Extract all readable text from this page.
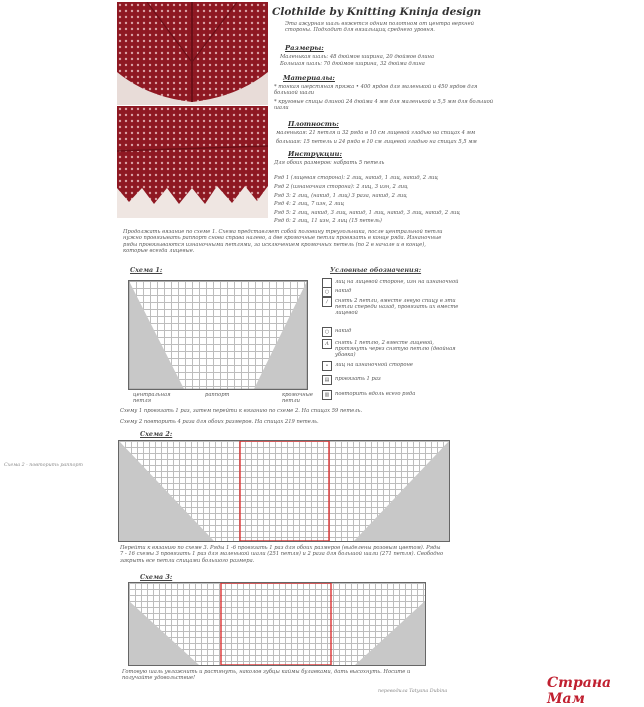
Clothilde by Knitting Kninja design
Эта ажурная шаль вяжется одним полотном от центра верхней стороны. Подходит для вязальщиц среднего уровня.
Размеры:
Маленькая шаль: 48 дюймов ширина, 20 дюймов длина
Большая шаль: 70 дюймов ширина, 32 дюйма длина
Материалы:
* тонкая шерстяная пряжа • 400 ярдов для маленькой и 450 ярдов для большой шали
* круговые спицы длиной 24 дюйма 4 мм для маленькой и 5,5 мм для большой шали
Плотность:
маленькая: 21 петля и 32 ряда в 10 см лицевой гладью на спицах 4 мм
большая: 15 петель и 24 ряда в 10 см лицевой гладью на спицах 5,5 мм
Инструкции:
Для обоих размеров: набрать 5 петель
Ряд 1 (лицевая сторона): 2 лиц, накид, 1 лиц, накид, 2 лиц
Ряд 2 (изнаночная сторона): 2 лиц, 3 изн, 2 лиц
Ряд 3: 2 лиц, (накид, 1 лиц) 3 раза, накид, 2 лиц
Ряд 4: 2 лиц, 7 изн, 2 лиц
Ряд 5: 2 лиц, накид, 3 лиц, накид, 1 лиц, накид, 3 лиц, накид, 2 лиц
Ряд 6: 2 лиц, 11 изн, 2 лиц (15 петель)
Продолжать вязание по схеме 1. Схема представляет собой половину треугольника, после центральной петли нужно провязывать раппорт снова справа налево, а две кромочные петли провязать в конце ряда. Изнаночные ряды провязываются изнаночными петлями, за исключением кромочных петель (по 2 в начале и в конце), которые всегда лицевые.
Схема 1:
центральная петля
раппорт	кромочные петли
Условные обозначения:
лиц на лицевой стороне, изн на изнаночной
○	накид
/	снять 2 петли, вместе левую спицу в эти петли спереди назад, провязать их вместе лицевой
○	накид
Λ	снять 1 петлю, 2 вместе лицевой, протянуть через снятую петлю (двойная убавка)
•	лиц на изнаночной стороне
▤	провязать 1 раз
▥	повторить вдоль всего ряда
Схему 1 провязать 1 раз, затем перейти к вязанию по схеме 2. На спицах 59 петель.
Схему 2 повторить 4 раза для обоих размеров. На спицах 219 петель.
Схема 2 - повторить раппорт
Схема 2:
Перейти к вязанию по схеме 3. Ряды 1 -6 провязать 1 раз для обоих размеров (выделены розовым цветом). Ряды 7 - 16 схемы 3 провязать 1 раз для маленькой шали (251 петля) и 2 раза для большой шали (271 петля). Свободно закрыть все петли спицами большого размера.
Схема 3:
Готовую шаль увлажнить и растянуть, наколов зубцы каймы булавками, дать высохнуть. Носите и получайте удовольствие!
переводила Tatyana Dubina
Страна Мам
